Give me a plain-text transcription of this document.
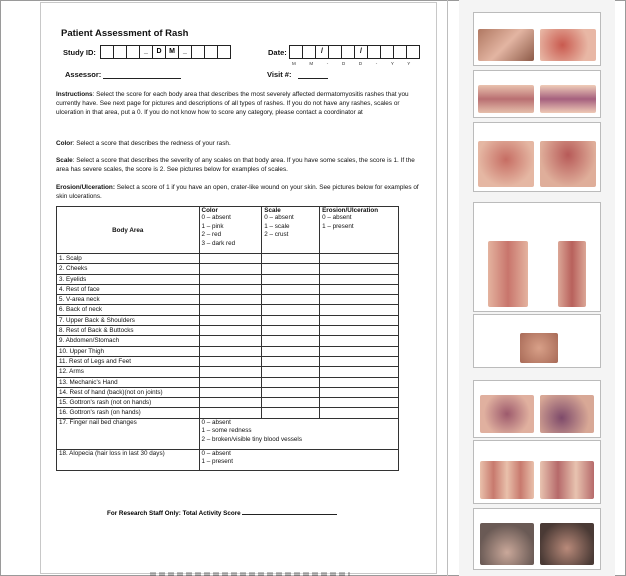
Patient Assessment of Rash
Study ID:	_	D	M	_	Date:	/	/
M M - D D - Y Y
Assessor:	Visit #:
Instructions: Select the score for each body area that describes the most severely affected dermatomyositis rashes that you currently have. See next page for pictures and descriptions of all types of rashes. If you do not have any rashes, scales or ulceration in that area, put a 0. If you do not know how to score any category, please contact a coordinator at
Color: Select a score that describes the redness of your rash.
Scale: Select a score that describes the severity of any scales on that body area. If you have some scales, the score is 1. If the area has severe scales, the score is 2. See pictures below for examples of scales.
Erosion/Ulceration: Select a score of 1 if you have an open, crater-like wound on your skin. See pictures below for examples of skin ulcerations.
Body Area	Color
0 – absent
1 – pink
2 – red
3 – dark red	Scale
0 – absent
1 – scale
2 – crust	Erosion/Ulceration
0 – absent
1 – present

1. Scalp			
2. Cheeks			
3. Eyelids			
4. Rest of face			
5. V-area neck			
6. Back of neck			
7. Upper Back & Shoulders			
8. Rest of Back & Buttocks			
9. Abdomen/Stomach			
10. Upper Thigh			
11. Rest of Legs and Feet			
12. Arms			
13. Mechanic's Hand			
14. Rest of hand (back)(not on joints)			
15. Gottron's rash (not on hands)			
16. Gottron's rash (on hands)			
17. Finger nail bed changes	0 – absent
1 – some redness
2 – broken/visible tiny blood vessels		

18. Alopecia (hair loss in last 30 days)	0 – absent
1 – present		
For Research Staff Only: Total Activity Score
